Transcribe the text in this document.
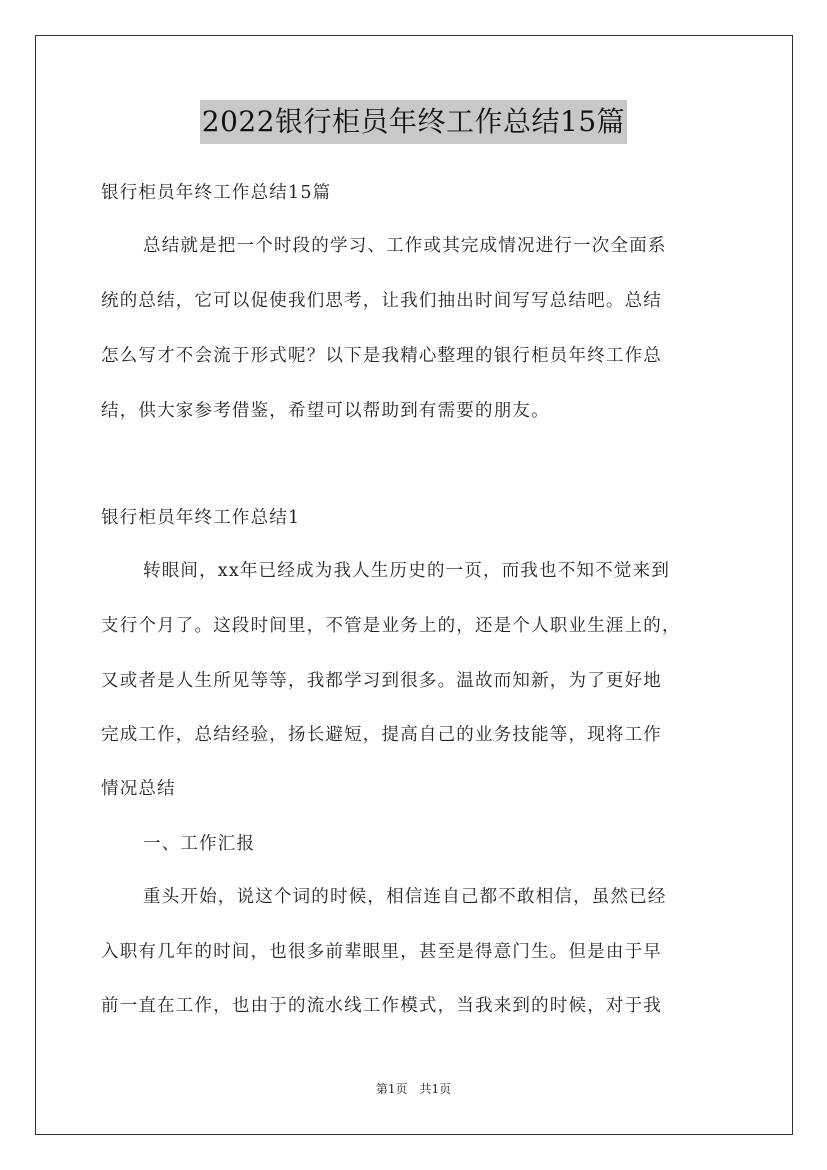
2022银行柜员年终工作总结15篇
银行柜员年终工作总结15篇
总结就是把一个时段的学习、工作或其完成情况进行一次全面系
统的总结，它可以促使我们思考，让我们抽出时间写写总结吧。总结
怎么写才不会流于形式呢？以下是我精心整理的银行柜员年终工作总
结，供大家参考借鉴，希望可以帮助到有需要的朋友。
银行柜员年终工作总结1
转眼间，xx年已经成为我人生历史的一页，而我也不知不觉来到
支行个月了。这段时间里，不管是业务上的，还是个人职业生涯上的，
又或者是人生所见等等，我都学习到很多。温故而知新，为了更好地
完成工作，总结经验，扬长避短，提高自己的业务技能等，现将工作
情况总结
一、工作汇报
重头开始，说这个词的时候，相信连自己都不敢相信，虽然已经
入职有几年的时间，也很多前辈眼里，甚至是得意门生。但是由于早
前一直在工作，也由于的流水线工作模式，当我来到的时候，对于我
第1页　共1页
